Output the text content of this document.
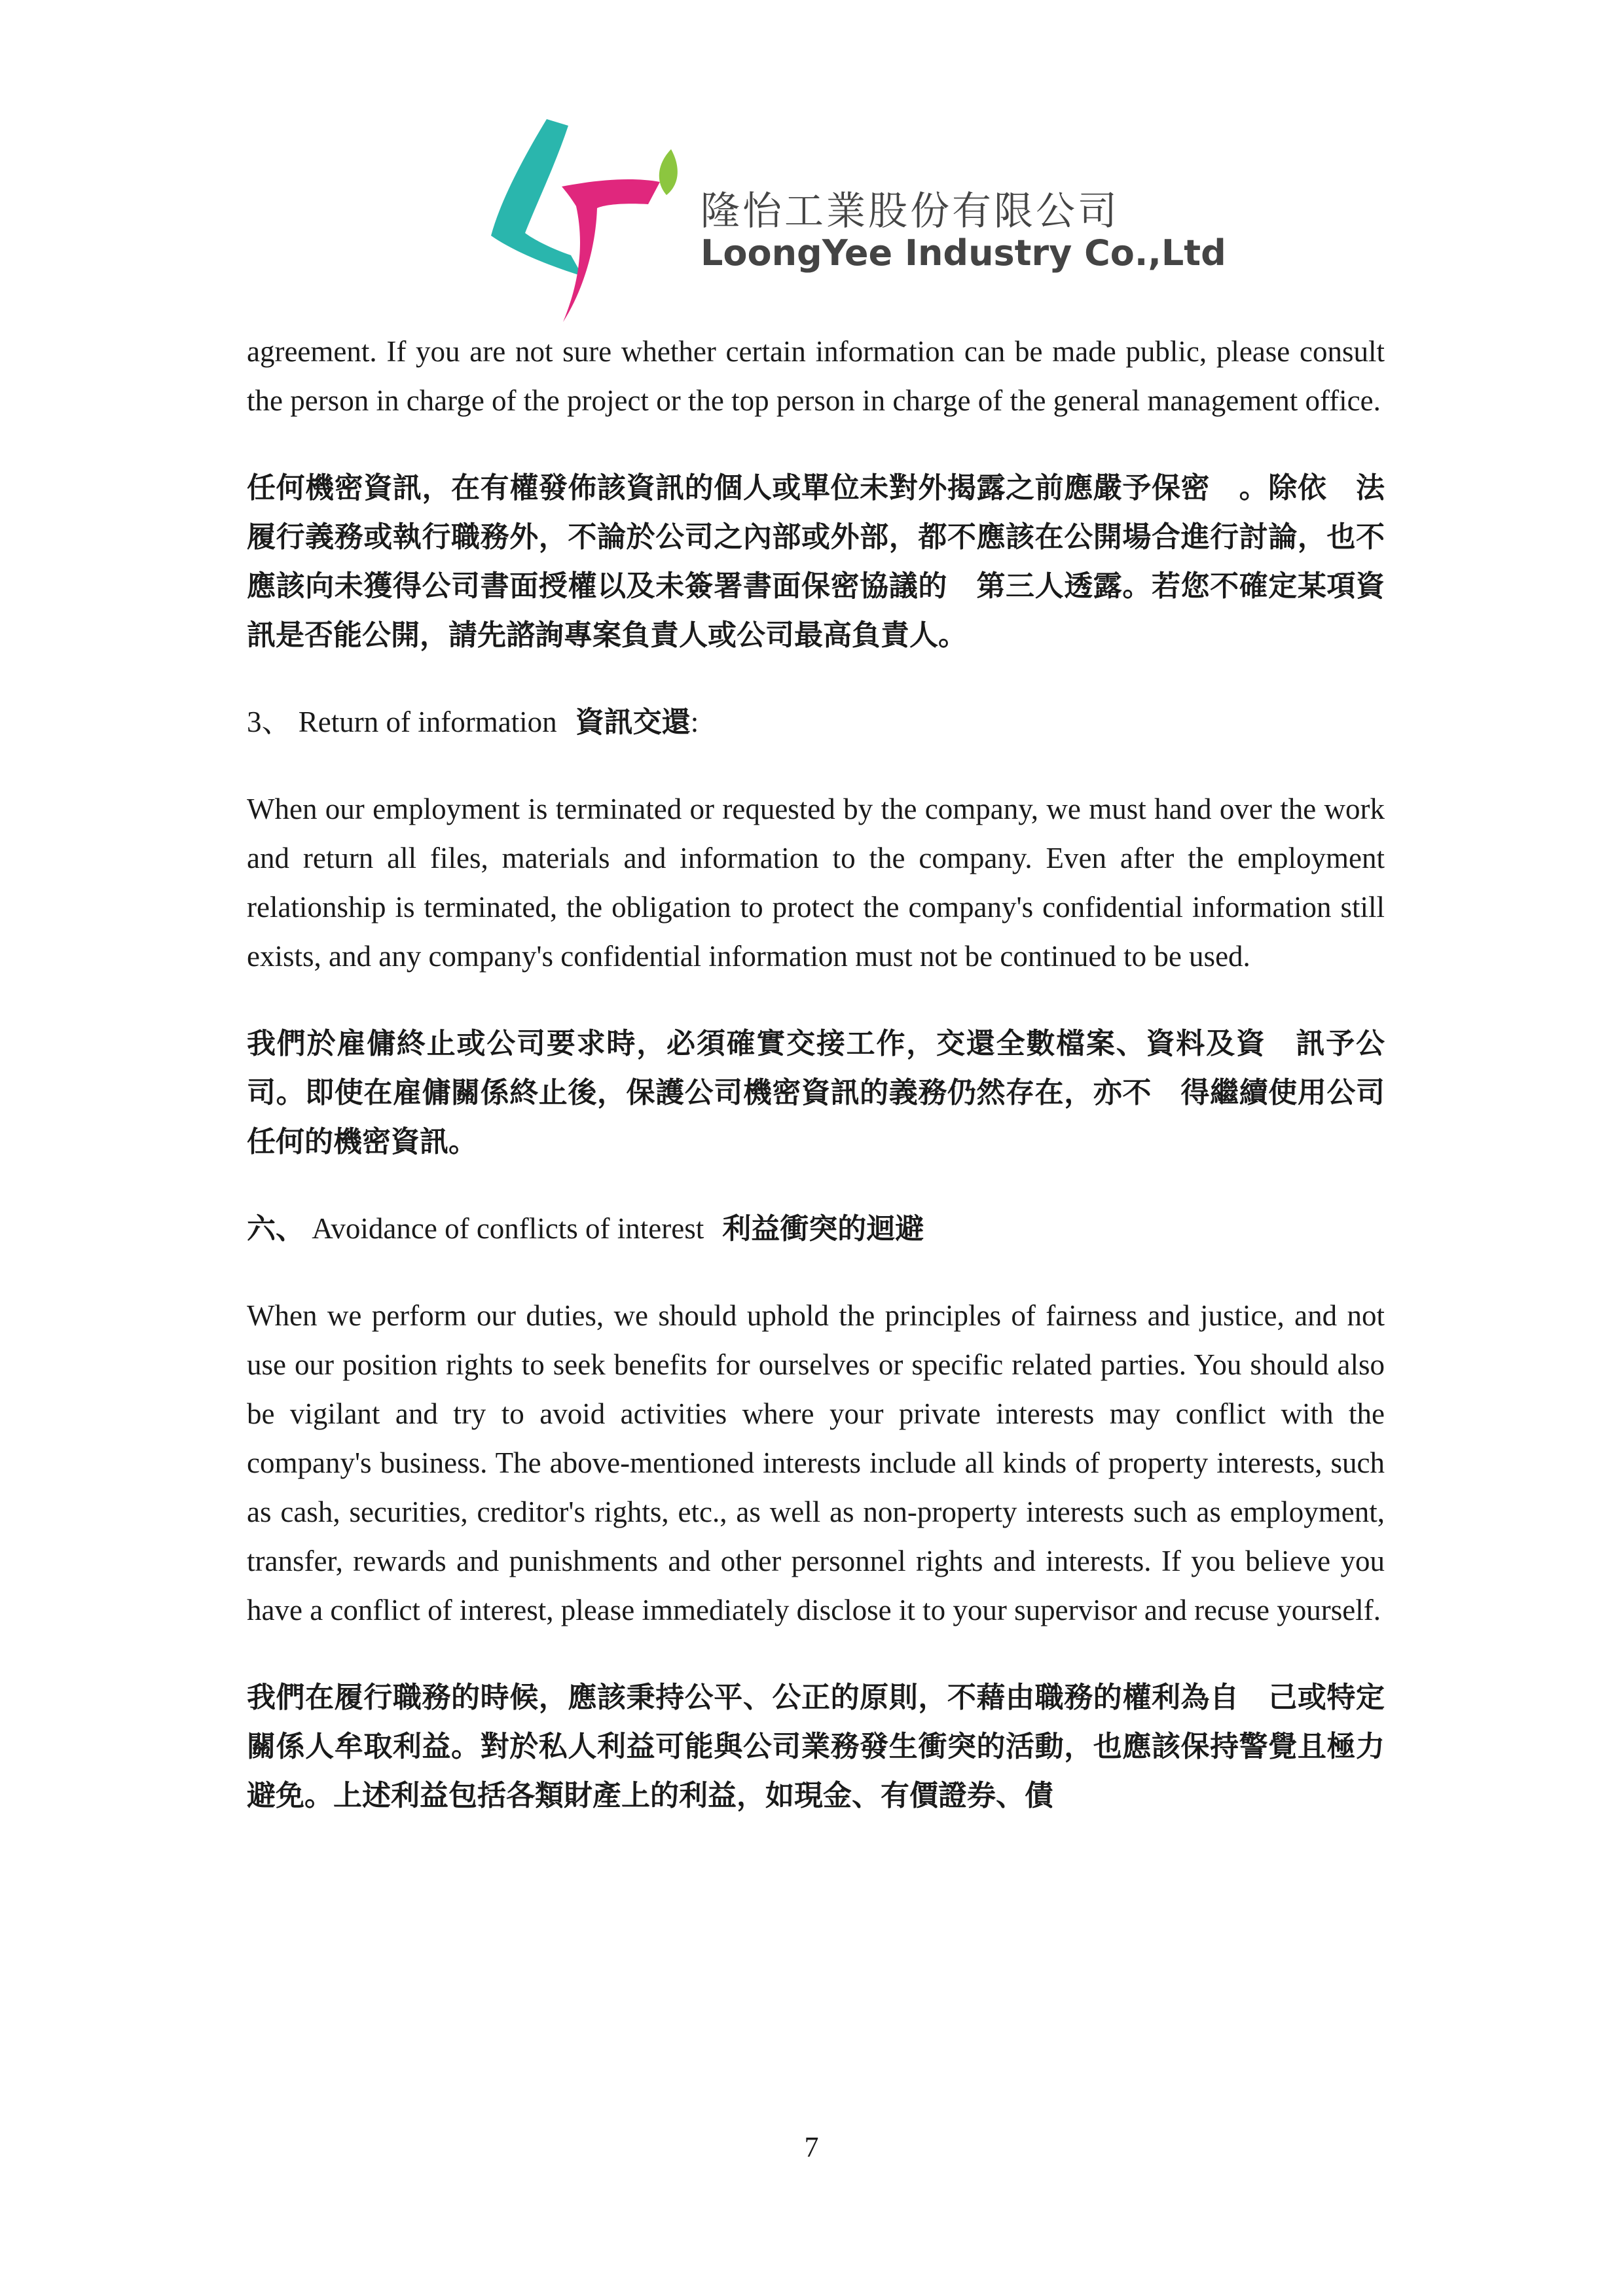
隆怡工業股份有限公司
LoongYee Industry Co.,Ltd

agreement. If you are not sure whether certain information can be made public, please consult the person in charge of the project or the top person in charge of the general management office.

任何機密資訊，在有權發佈該資訊的個人或單位未對外揭露之前應嚴予保密　。除依　法履行義務或執行職務外，不論於公司之內部或外部，都不應該在公開場合進行討論，也不應該向未獲得公司書面授權以及未簽署書面保密協議的　第三人透露。若您不確定某項資訊是否能公開，請先諮詢專案負責人或公司最高負責人。

3、 Return of information 資訊交還:

When our employment is terminated or requested by the company, we must hand over the work and return all files, materials and information to the company. Even after the employment relationship is terminated, the obligation to protect the company's confidential information still exists, and any company's confidential information must not be continued to be used.

我們於雇傭終止或公司要求時，必須確實交接工作，交還全數檔案、資料及資　訊予公司。即使在雇傭關係終止後，保護公司機密資訊的義務仍然存在，亦不　得繼續使用公司任何的機密資訊。

六、 Avoidance of conflicts of interest 利益衝突的迴避

When we perform our duties, we should uphold the principles of fairness and justice, and not use our position rights to seek benefits for ourselves or specific related parties. You should also be vigilant and try to avoid activities where your private interests may conflict with the company's business. The above-mentioned interests include all kinds of property interests, such as cash, securities, creditor's rights, etc., as well as non-property interests such as employment, transfer, rewards and punishments and other personnel rights and interests. If you believe you have a conflict of interest, please immediately disclose it to your supervisor and recuse yourself.

我們在履行職務的時候，應該秉持公平、公正的原則，不藉由職務的權利為自　己或特定關係人牟取利益。對於私人利益可能與公司業務發生衝突的活動，也應該保持警覺且極力避免。上述利益包括各類財產上的利益，如現金、有價證券、債

7
